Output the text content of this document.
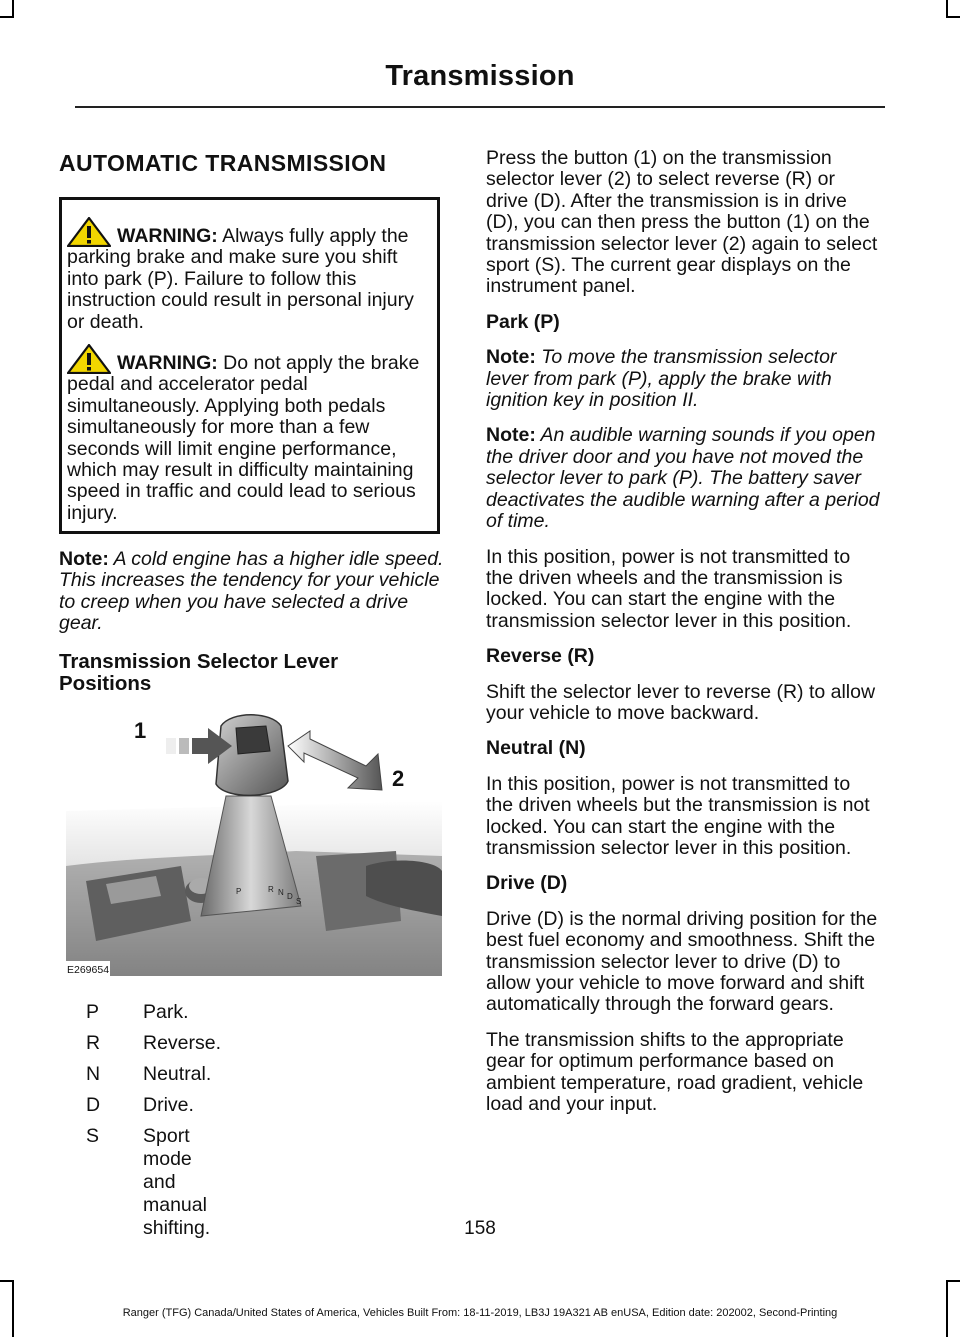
Transmission
AUTOMATIC TRANSMISSION

WARNING: Always fully apply the parking brake and make sure you shift into park (P). Failure to follow this instruction could result in personal injury or death.

WARNING: Do not apply the brake pedal and accelerator pedal simultaneously. Applying both pedals simultaneously for more than a few seconds will limit engine performance, which may result in difficulty maintaining speed in traffic and could lead to serious injury.

Note: A cold engine has a higher idle speed. This increases the tendency for your vehicle to creep when you have selected a drive gear.
Transmission Selector Lever Positions
P	R N D
S
1
2
E269654
P	Park.
R	Reverse.
N	Neutral.
D	Drive.
S	Sport mode and manual shifting.

Press the button (1) on the transmission selector lever (2) to select reverse (R) or drive (D). After the transmission is in drive (D), you can then press the button (1) on the transmission selector lever (2) again to select sport (S). The current gear displays on the instrument panel.

Park (P)

Note: To move the transmission selector lever from park (P), apply the brake with ignition key in position II.

Note: An audible warning sounds if you open the driver door and you have not moved the selector lever to park (P). The battery saver deactivates the audible warning after a period of time.

In this position, power is not transmitted to the driven wheels and the transmission is locked. You can start the engine with the transmission selector lever in this position.

Reverse (R)

Shift the selector lever to reverse (R) to allow your vehicle to move backward.

Neutral (N)

In this position, power is not transmitted to the driven wheels but the transmission is not locked. You can start the engine with the transmission selector lever in this position.

Drive (D)

Drive (D) is the normal driving position for the best fuel economy and smoothness. Shift the transmission selector lever to drive (D) to allow your vehicle to move forward and shift automatically through the forward gears.

The transmission shifts to the appropriate gear for optimum performance based on ambient temperature, road gradient, vehicle load and your input.

158
Ranger (TFG) Canada/United States of America, Vehicles Built From: 18-11-2019, LB3J 19A321 AB enUSA, Edition date: 202002, Second-Printing
